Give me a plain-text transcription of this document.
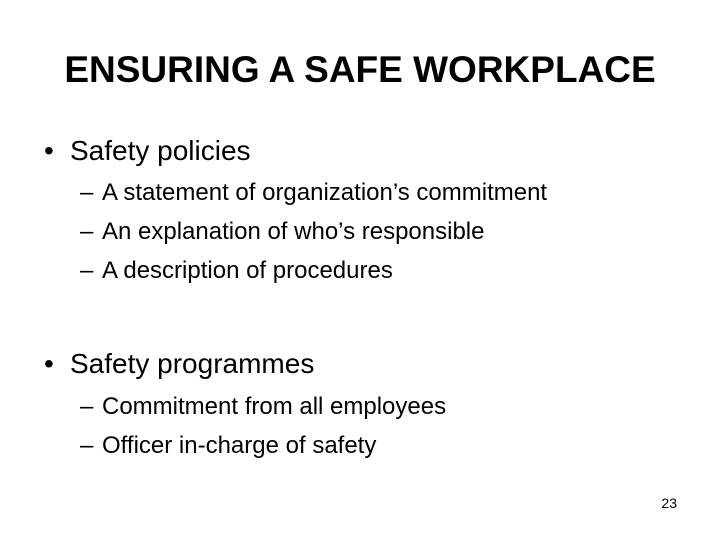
ENSURING A SAFE WORKPLACE
• Safety policies
– A statement of organization’s commitment
– An explanation of who’s responsible
– A description of procedures
• Safety programmes
– Commitment from all employees
– Officer in-charge of safety
23
